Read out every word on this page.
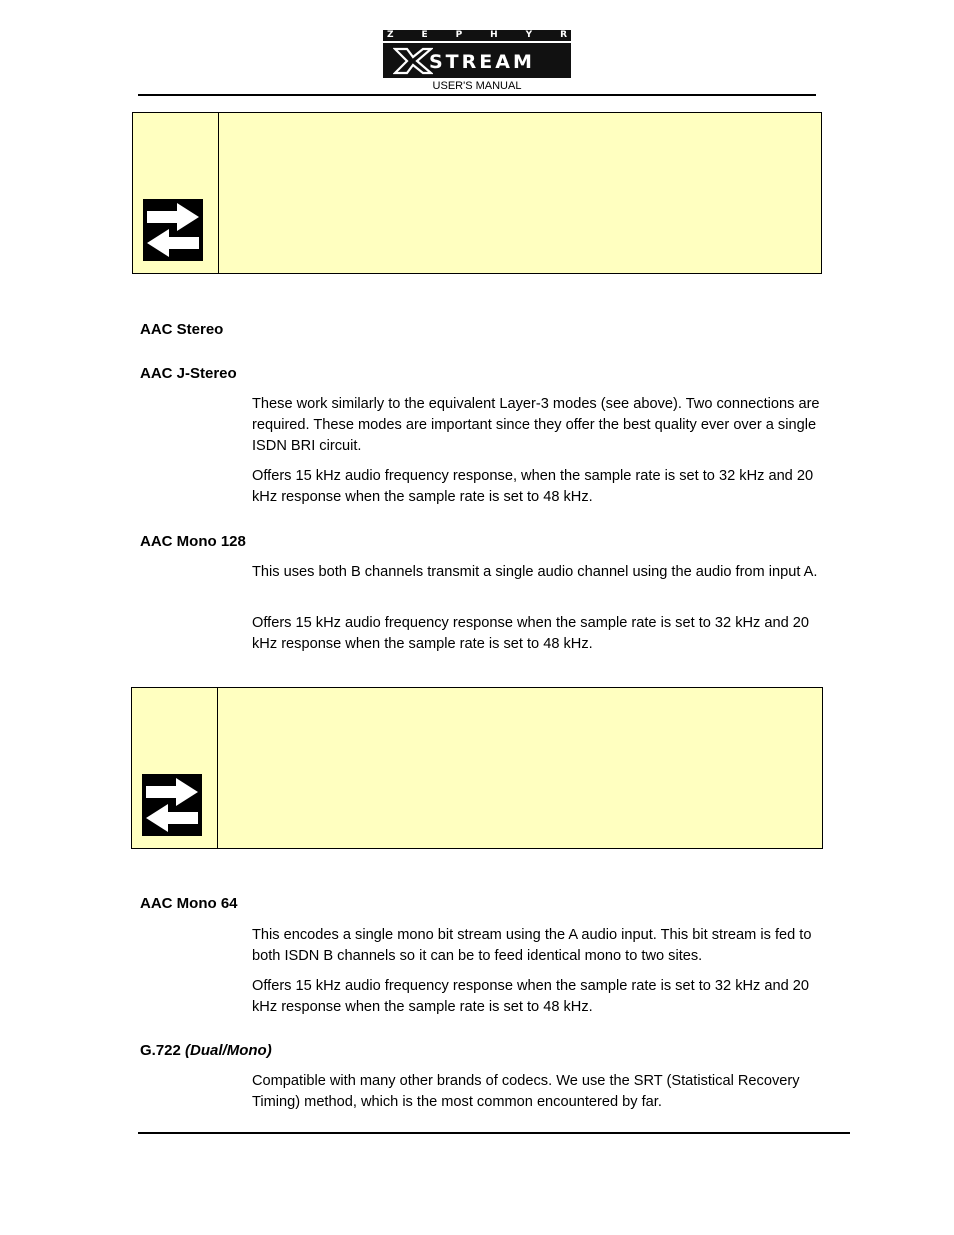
Z	E	P	H	Y	R
STREAM
USER'S MANUAL
AAC Stereo
AAC J-Stereo

These work similarly to the equivalent Layer-3 modes (see above). Two connections are required. These modes are important since they offer the best quality ever over a single ISDN BRI circuit.

Offers 15 kHz audio frequency response, when the sample rate is set to 32 kHz and 20 kHz response when the sample rate is set to 48 kHz.

AAC Mono 128

This uses both B channels transmit a single audio channel using the audio from input A.

Offers 15 kHz audio frequency response when the sample rate is set to 32 kHz and 20 kHz response when the sample rate is set to 48 kHz.

AAC Mono 64

This encodes a single mono bit stream using the A audio input. This bit stream is fed to both ISDN B channels so it can be to feed identical mono to two sites.

Offers 15 kHz audio frequency response when the sample rate is set to 32 kHz and 20 kHz response when the sample rate is set to 48 kHz.

G.722 (Dual/Mono)

Compatible with many other brands of codecs. We use the SRT (Statistical Recovery Timing) method, which is the most common encountered by far.
